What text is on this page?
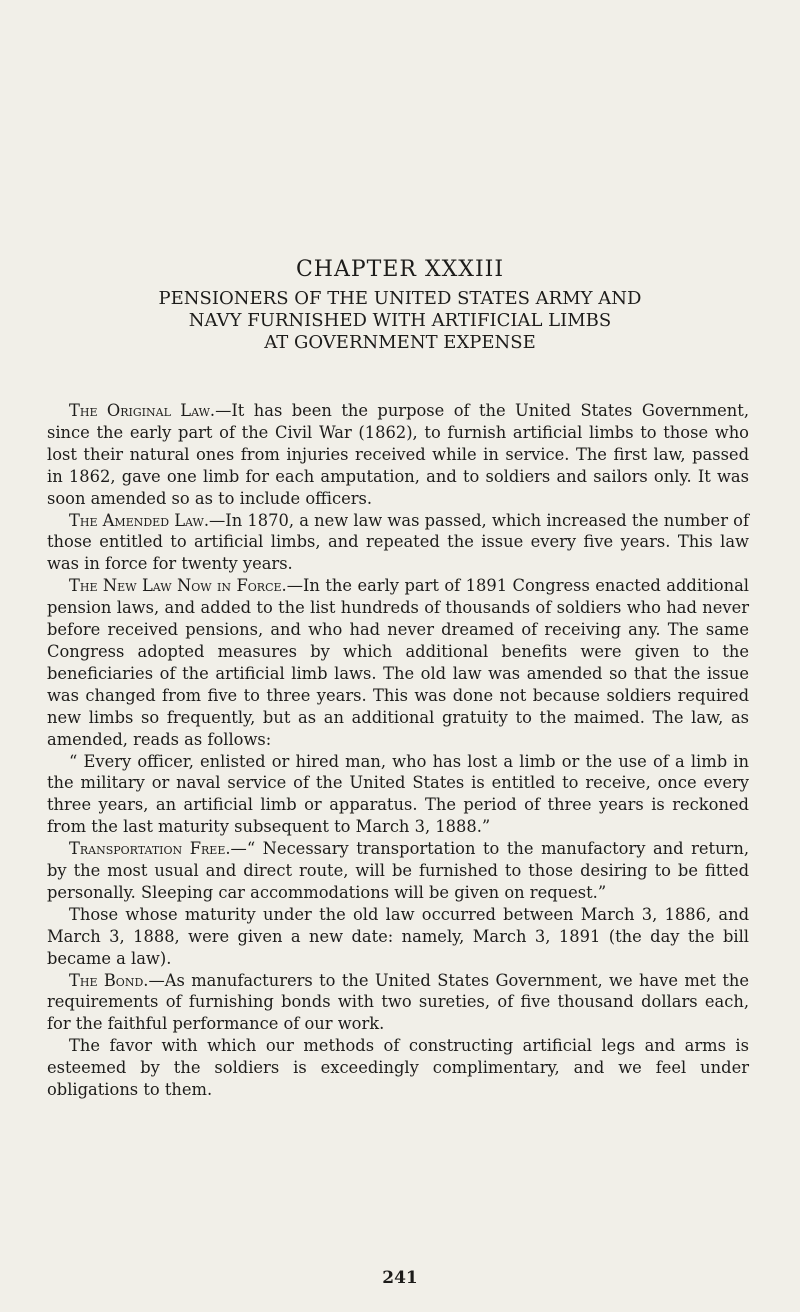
CHAPTER XXXIII
PENSIONERS OF THE UNITED STATES ARMY AND
NAVY FURNISHED WITH ARTIFICIAL LIMBS
AT GOVERNMENT EXPENSE

The Original Law.—It has been the purpose of the United States Government, since the early part of the Civil War (1862), to furnish artificial limbs to those who lost their natural ones from injuries received while in service. The first law, passed in 1862, gave one limb for each amputation, and to soldiers and sailors only. It was soon amended so as to include officers.

The Amended Law.—In 1870, a new law was passed, which increased the number of those entitled to artificial limbs, and repeated the issue every five years. This law was in force for twenty years.

The New Law Now in Force.—In the early part of 1891 Congress enacted additional pension laws, and added to the list hundreds of thousands of soldiers who had never before received pensions, and who had never dreamed of receiving any. The same Congress adopted measures by which additional benefits were given to the beneficiaries of the artificial limb laws. The old law was amended so that the issue was changed from five to three years. This was done not because soldiers required new limbs so frequently, but as an additional gratuity to the maimed. The law, as amended, reads as follows:

“ Every officer, enlisted or hired man, who has lost a limb or the use of a limb in the military or naval service of the United States is entitled to receive, once every three years, an artificial limb or apparatus. The period of three years is reckoned from the last maturity subsequent to March 3, 1888.”

Transportation Free.—“ Necessary transportation to the manufactory and return, by the most usual and direct route, will be furnished to those desiring to be fitted personally. Sleeping car accommodations will be given on request.”

Those whose maturity under the old law occurred between March 3, 1886, and March 3, 1888, were given a new date: namely, March 3, 1891 (the day the bill became a law).

The Bond.—As manufacturers to the United States Government, we have met the requirements of furnishing bonds with two sureties, of five thousand dollars each, for the faithful performance of our work.

The favor with which our methods of constructing artificial legs and arms is esteemed by the soldiers is exceedingly complimentary, and we feel under obligations to them.

241
